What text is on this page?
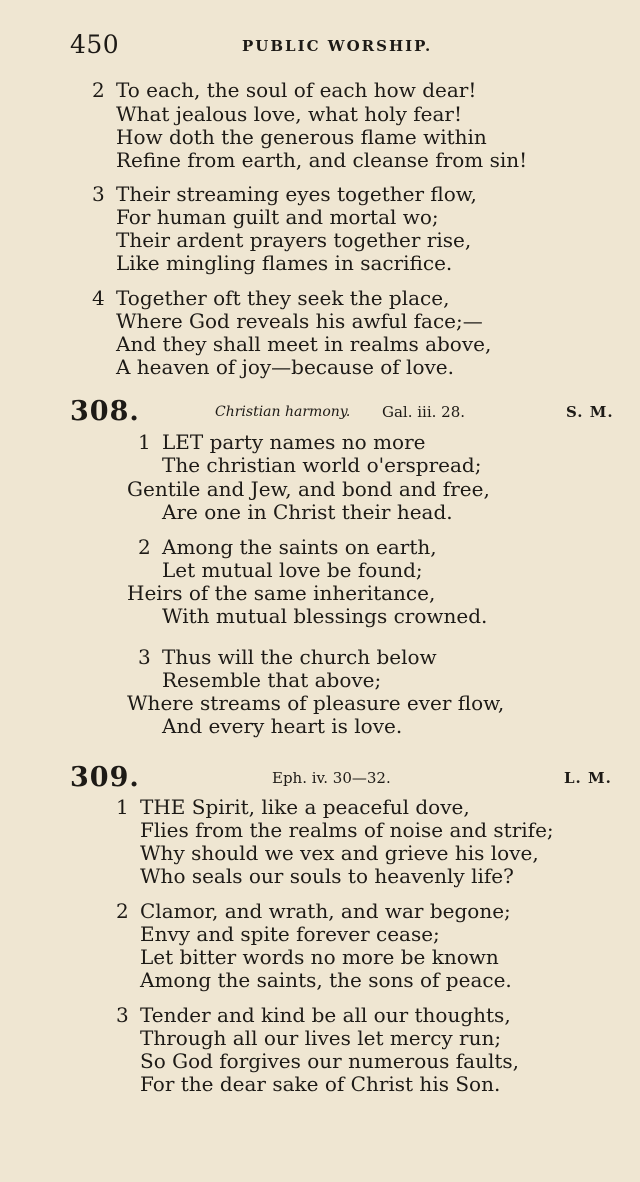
450	PUBLIC WORSHIP.
2 To each, the soul of each how dear!
What jealous love, what holy fear!
How doth the generous flame within
Refine from earth, and cleanse from sin!
3 Their streaming eyes together flow,
For human guilt and mortal wo;
Their ardent prayers together rise,
Like mingling flames in sacrifice.
4 Together oft they seek the place,
Where God reveals his awful face;—
And they shall meet in realms above,
A heaven of joy—because of love.
308.	Christian harmony. Gal. iii. 28.	S. M.
1 LET party names no more
The christian world o'erspread;
Gentile and Jew, and bond and free,
Are one in Christ their head.
2 Among the saints on earth,
Let mutual love be found;
Heirs of the same inheritance,
With mutual blessings crowned.
3 Thus will the church below
Resemble that above;
Where streams of pleasure ever flow,
And every heart is love.
309.	Eph. iv. 30—32.	L. M.
1 THE Spirit, like a peaceful dove,
Flies from the realms of noise and strife;
Why should we vex and grieve his love,
Who seals our souls to heavenly life?
2 Clamor, and wrath, and war begone;
Envy and spite forever cease;
Let bitter words no more be known
Among the saints, the sons of peace.
3 Tender and kind be all our thoughts,
Through all our lives let mercy run;
So God forgives our numerous faults,
For the dear sake of Christ his Son.
